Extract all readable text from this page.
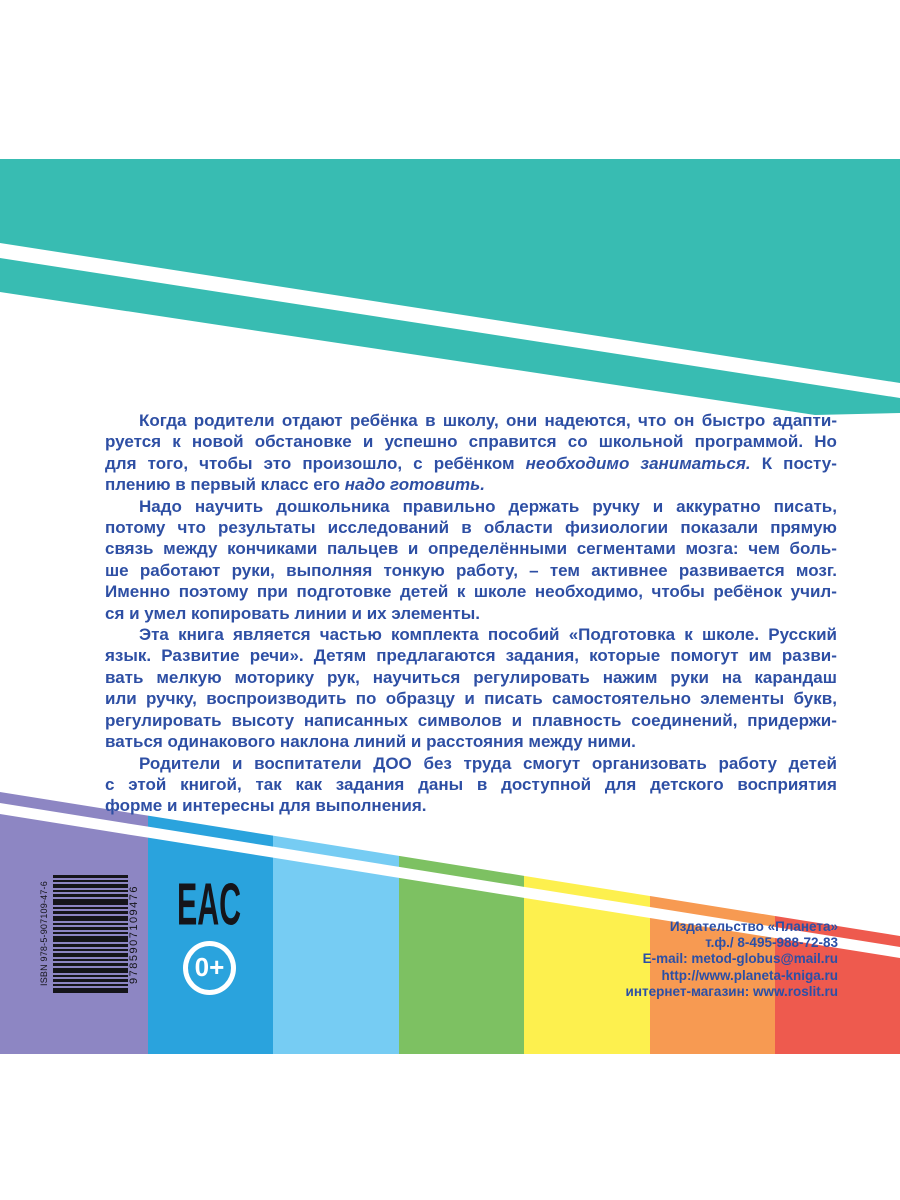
Когда родители отдают ребёнка в школу, они надеются, что он быстро адапти-
руется к новой обстановке и успешно справится со школьной программой. Но
для того, чтобы это произошло, с ребёнком необходимо заниматься. К посту-
плению в первый класс его надо готовить.
Надо научить дошкольника правильно держать ручку и аккуратно писать,
потому что результаты исследований в области физиологии показали прямую
связь между кончиками пальцев и определёнными сегментами мозга: чем боль-
ше работают руки, выполняя тонкую работу, – тем активнее развивается мозг.
Именно поэтому при подготовке детей к школе необходимо, чтобы ребёнок учил-
ся и умел копировать линии и их элементы.
Эта книга является частью комплекта пособий «Подготовка к школе. Русский
язык. Развитие речи». Детям предлагаются задания, которые помогут им разви-
вать мелкую моторику рук, научиться регулировать нажим руки на карандаш
или ручку, воспроизводить по образцу и писать самостоятельно элементы букв,
регулировать высоту написанных символов и плавность соединений, придержи-
ваться одинакового наклона линий и расстояния между ними.
Родители и воспитатели ДОО без труда смогут организовать работу детей
с этой книгой, так как задания даны в доступной для детского восприятия
форме и интересны для выполнения.
ISBN 978-5-907109-47-6	9785907109476 EAC
0+
Издательство «Планета»
т.ф./ 8-495-988-72-83
E-mail: metod-globus@mail.ru
http://www.planeta-kniga.ru
интернет-магазин: www.roslit.ru
